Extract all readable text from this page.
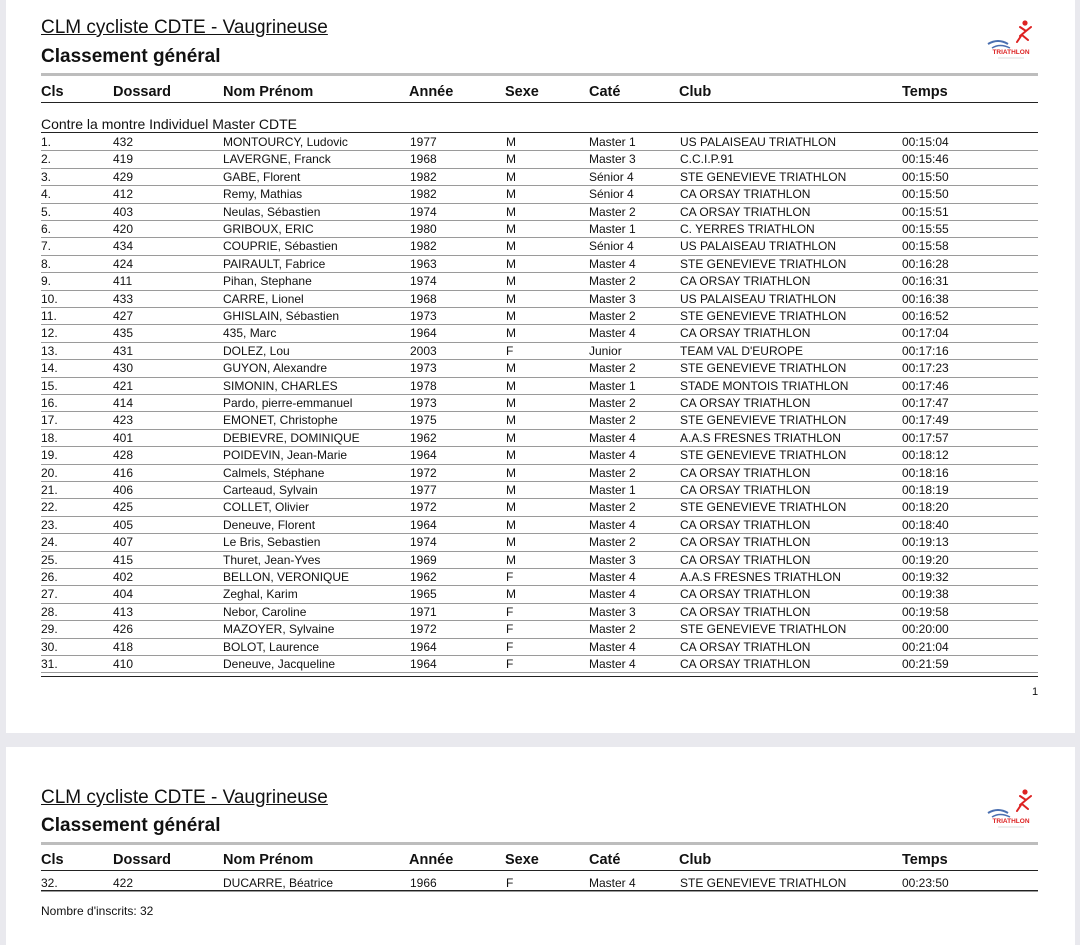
CLM cycliste CDTE - Vaugrineuse
Classement général	TRIATHLON
Cls	Dossard	Nom Prénom	Année	Sexe	Caté	Club	Temps
Contre la montre Individuel Master CDTE
1.	432	MONTOURCY, Ludovic	1977	M	Master 1	US PALAISEAU TRIATHLON	00:15:04
2.	419	LAVERGNE, Franck	1968	M	Master 3	C.C.I.P.91	00:15:46
3.	429	GABE, Florent	1982	M	Sénior 4	STE GENEVIEVE TRIATHLON	00:15:50
4.	412	Remy, Mathias	1982	M	Sénior 4	CA ORSAY TRIATHLON	00:15:50
5.	403	Neulas, Sébastien	1974	M	Master 2	CA ORSAY TRIATHLON	00:15:51
6.	420	GRIBOUX, ERIC	1980	M	Master 1	C. YERRES TRIATHLON	00:15:55
7.	434	COUPRIE, Sébastien	1982	M	Sénior 4	US PALAISEAU TRIATHLON	00:15:58
8.	424	PAIRAULT, Fabrice	1963	M	Master 4	STE GENEVIEVE TRIATHLON	00:16:28
9.	411	Pihan, Stephane	1974	M	Master 2	CA ORSAY TRIATHLON	00:16:31
10.	433	CARRE, Lionel	1968	M	Master 3	US PALAISEAU TRIATHLON	00:16:38
11.	427	GHISLAIN, Sébastien	1973	M	Master 2	STE GENEVIEVE TRIATHLON	00:16:52
12.	435	435, Marc	1964	M	Master 4	CA ORSAY TRIATHLON	00:17:04
13.	431	DOLEZ, Lou	2003	F	Junior	TEAM VAL D'EUROPE	00:17:16
14.	430	GUYON, Alexandre	1973	M	Master 2	STE GENEVIEVE TRIATHLON	00:17:23
15.	421	SIMONIN, CHARLES	1978	M	Master 1	STADE MONTOIS TRIATHLON	00:17:46
16.	414	Pardo, pierre-emmanuel	1973	M	Master 2	CA ORSAY TRIATHLON	00:17:47
17.	423	EMONET, Christophe	1975	M	Master 2	STE GENEVIEVE TRIATHLON	00:17:49
18.	401	DEBIEVRE, DOMINIQUE	1962	M	Master 4	A.A.S FRESNES TRIATHLON	00:17:57
19.	428	POIDEVIN, Jean-Marie	1964	M	Master 4	STE GENEVIEVE TRIATHLON	00:18:12
20.	416	Calmels, Stéphane	1972	M	Master 2	CA ORSAY TRIATHLON	00:18:16
21.	406	Carteaud, Sylvain	1977	M	Master 1	CA ORSAY TRIATHLON	00:18:19
22.	425	COLLET, Olivier	1972	M	Master 2	STE GENEVIEVE TRIATHLON	00:18:20
23.	405	Deneuve, Florent	1964	M	Master 4	CA ORSAY TRIATHLON	00:18:40
24.	407	Le Bris, Sebastien	1974	M	Master 2	CA ORSAY TRIATHLON	00:19:13
25.	415	Thuret, Jean-Yves	1969	M	Master 3	CA ORSAY TRIATHLON	00:19:20
26.	402	BELLON, VERONIQUE	1962	F	Master 4	A.A.S FRESNES TRIATHLON	00:19:32
27.	404	Zeghal, Karim	1965	M	Master 4	CA ORSAY TRIATHLON	00:19:38
28.	413	Nebor, Caroline	1971	F	Master 3	CA ORSAY TRIATHLON	00:19:58
29.	426	MAZOYER, Sylvaine	1972	F	Master 2	STE GENEVIEVE TRIATHLON	00:20:00
30.	418	BOLOT, Laurence	1964	F	Master 4	CA ORSAY TRIATHLON	00:21:04
31.	410	Deneuve, Jacqueline	1964	F	Master 4	CA ORSAY TRIATHLON	00:21:59
1
CLM cycliste CDTE - Vaugrineuse
Classement général	TRIATHLON
Cls	Dossard	Nom Prénom	Année	Sexe	Caté	Club	Temps
32.	422	DUCARRE, Béatrice	1966	F	Master 4	STE GENEVIEVE TRIATHLON	00:23:50
Nombre d'inscrits: 32
